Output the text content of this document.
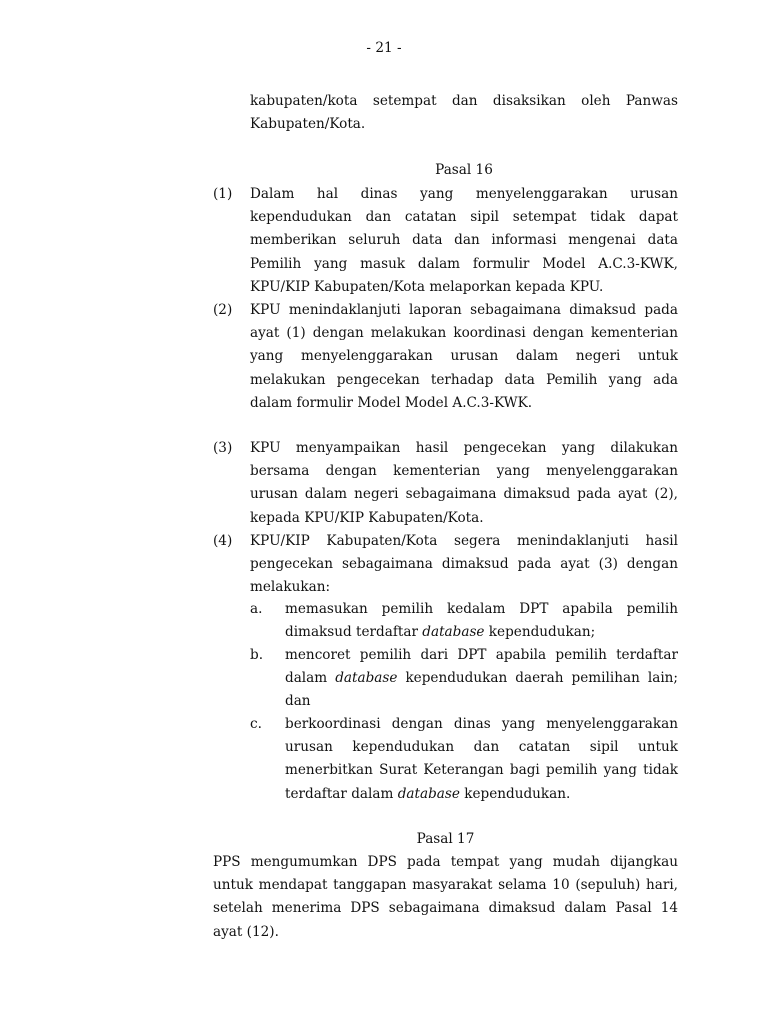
- 21 -

kabupaten/kota setempat dan disaksikan oleh Panwas Kabupaten/Kota.

Pasal 16

(1) Dalam hal dinas yang menyelenggarakan urusan kependudukan dan catatan sipil setempat tidak dapat memberikan seluruh data dan informasi mengenai data Pemilih yang masuk dalam formulir Model A.C.3-KWK, KPU/KIP Kabupaten/Kota melaporkan kepada KPU.

(2) KPU menindaklanjuti laporan sebagaimana dimaksud pada ayat (1) dengan melakukan koordinasi dengan kementerian yang menyelenggarakan urusan dalam negeri untuk melakukan pengecekan terhadap data Pemilih yang ada dalam formulir Model Model A.C.3-KWK.

(3) KPU menyampaikan hasil pengecekan yang dilakukan bersama dengan kementerian yang menyelenggarakan urusan dalam negeri sebagaimana dimaksud pada ayat (2), kepada KPU/KIP Kabupaten/Kota.

(4) KPU/KIP Kabupaten/Kota segera menindaklanjuti hasil pengecekan sebagaimana dimaksud pada ayat (3) dengan melakukan:

a. memasukan pemilih kedalam DPT apabila pemilih dimaksud terdaftar database kependudukan;

b. mencoret pemilih dari DPT apabila pemilih terdaftar dalam database kependudukan daerah pemilihan lain; dan

c. berkoordinasi dengan dinas yang menyelenggarakan urusan kependudukan dan catatan sipil untuk menerbitkan Surat Keterangan bagi pemilih yang tidak terdaftar dalam database kependudukan.

Pasal 17

PPS mengumumkan DPS pada tempat yang mudah dijangkau untuk mendapat tanggapan masyarakat selama 10 (sepuluh) hari, setelah menerima DPS sebagaimana dimaksud dalam Pasal 14 ayat (12).
